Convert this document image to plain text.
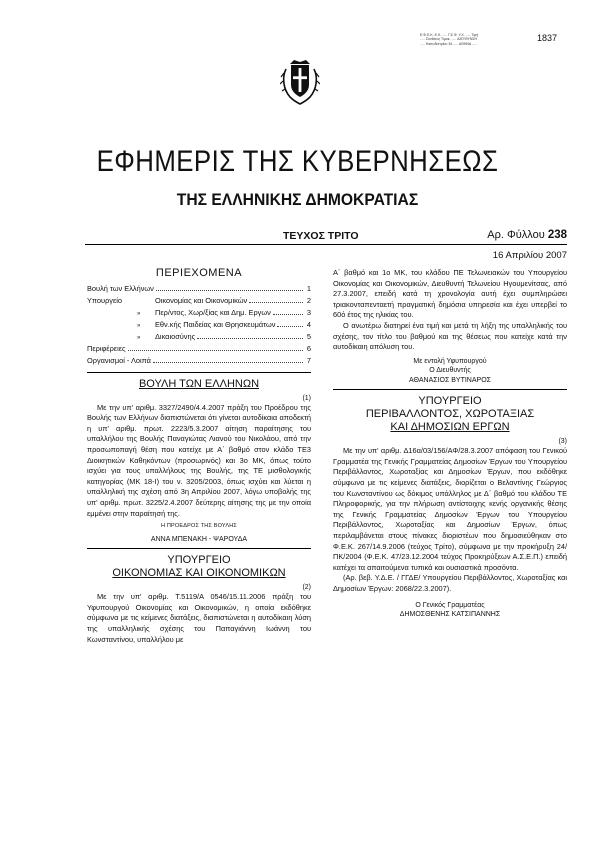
Ε.Φ.Ε.Κ. Ε.Κ. ..... Γ.Ε.Φ. Υ.Χ. ..... Τιμή ..... Σύνθετος Τιμοκ. ..... ΔΙΕΥΘΥΝΣΗ ..... Καποδιστρίου 34 ..... ΑΘΗΝΑ .....
1837
ΕΦΗΜΕΡΙΣ ΤΗΣ ΚΥΒΕΡΝΗΣΕΩΣ
ΤΗΣ ΕΛΛΗΝΙΚΗΣ ΔΗΜΟΚΡΑΤΙΑΣ
ΤΕΥΧΟΣ ΤΡΙΤΟ	Αρ. Φύλλου 238
16 Απριλίου 2007
ΠΕΡΙΕΧΟΜΕΝΑ
Βουλή των Ελλήνων	1
Υπουργείο	Οικονομίας και Οικονομικών	2
»	Περ/ντος, Χωρ/ξίας και Δημ. Εργων	3
»	Εθν.κής Παιδείας και Θρησκευμάτων	4
»	Δικαιοσύνης	5
Περιφέρειες	6
Οργανισμοί - Λοιπά	7
ΒΟΥΛΗ ΤΩΝ ΕΛΛΗΝΩΝ
(1)

Με την υπ' αριθμ. 3327/2490/4.4.2007 πράξη του Προέδρου της Βουλής των Ελλήνων διαπιστώνεται ότι γίνεται αυτοδίκαια αποδεκτή η υπ' αριθμ. πρωτ. 2223/5.3.2007 αίτηση παραίτησης του υπαλλήλου της Βουλής Παναγιώτας Λιανού του Νικολάου, από την προσωποπαγή θέση που κατείχε με Α΄ βαθμό στον κλάδο ΤΕ3 Διοικητικών Καθηκόντων (προσωρινός) και 3ο ΜΚ, όπως τούτο ισχύει για τους υπαλλήλους της Βουλής, της ΤΕ μισθολογικής κατηγορίας (ΜΚ 18-Ι) του ν. 3205/2003, όπως ισχύει και λύεται η υπαλληλική της σχέση από 3η Απριλίου 2007, λόγω υποβολής της υπ' αριθμ. πρωτ. 3225/2.4.2007 δεύτερης αίτησης της με την οποία εμμένει στην παραίτησή της.

Η ΠΡΟΕΔΡΟΣ ΤΗΣ ΒΟΥΛΗΣ
ΑΝΝΑ ΜΠΕΝΑΚΗ - ΨΑΡΟΥΔΑ
ΥΠΟΥΡΓΕΙΟ
ΟΙΚΟΝΟΜΙΑΣ ΚΑΙ ΟΙΚΟΝΟΜΙΚΩΝ
(2)

Με την υπ' αριθμ. Τ.5119/Α 0546/15.11.2006 πράξη του Υφυπουργού Οικονομίας και Οικονομικών, η οποία εκδόθηκε σύμφωνα με τις κείμενες διατάξεις, διαπιστώνεται η αυτοδίκαιη λύση της υπαλληλικής σχέσης του Παπαγιάννη Ιωάννη του Κωνσταντίνου, υπαλλήλου με

Α΄ βαθμό και 1ο ΜΚ, του κλάδου ΠΕ Τελωνειακών του Υπουργείου Οικονομίας και Οικονομικών, Διευθυντή Τελωνείου Ηγουμενίτσας, από 27.3.2007, επειδή κατά τη χρονολογία αυτή έχει συμπληρώσει τριακονταπενταετή πραγματική δημόσια υπηρεσία και έχει υπερβεί το 60ό έτος της ηλικίας του.

Ο ανωτέρω διατηρεί ένα τιμή και μετά τη λήξη της υπαλληλικής του σχέσης, τον τίτλο του βαθμού και της θέσεως που κατείχε κατά την αυτοδίκαιη απόλυση του.

Με εντολή Υφυπουργού
Ο Διευθυντής
ΑΘΑΝΑΣΙΟΣ ΒΥΤΙΝΑΡΟΣ
ΥΠΟΥΡΓΕΙΟ
ΠΕΡΙΒΑΛΛΟΝΤΟΣ, ΧΩΡΟΤΑΞΙΑΣ
ΚΑΙ ΔΗΜΟΣΙΩΝ ΕΡΓΩΝ
(3)

Με την υπ' αριθμ. Δ16α/03/156/ΑΦ/28.3.2007 απόφαση του Γενικού Γραμματέα της Γενικής Γραμματείας Δημοσίων Έργων του Υπουργείου Περιβάλλοντος, Χωροταξίας και Δημοσίων Έργων, που εκδόθηκε σύμφωνα με τις κείμενες διατάξεις, διορίζεται ο Βελαντίνης Γεώργιος του Κωνσταντίνου ως δόκιμος υπάλληλος με Δ΄ βαθμό του κλάδου ΤΕ Πληροφορικής, για την πλήρωση αντίστοιχης κενής οργανικής θέσης της Γενικής Γραμματείας Δημοσίων Έργων του Υπουργείου Περιβάλλοντος, Χωροταξίας και Δημοσίων Έργων, όπως περιλαμβάνεται στους πίνακες διοριστέων που δημοσιεύθηκαν στο Φ.Ε.Κ. 267/14.9.2006 (τεύχος Τρίτο), σύμφωνα με την προκήρυξη 24/ΠΚ/2004 (Φ.Ε.Κ. 47/23.12.2004 τεύχος Προκηρύξεων Α.Σ.Ε.Π.) επειδή κατέχει τα απαιτούμενα τυπικά και ουσιαστικά προσόντα.

(Αρ. βεβ. Υ.Δ.Ε. / ΓΓΔΕ/ Υπουργείου Περιβάλλοντος, Χωροταξίας και Δημοσίων Έργων: 2068/22.3.2007).

Ο Γενικός Γραμματέας
ΔΗΜΟΣΘΕΝΗΣ ΚΑΤΣΙΠΑΝΝΗΣ
